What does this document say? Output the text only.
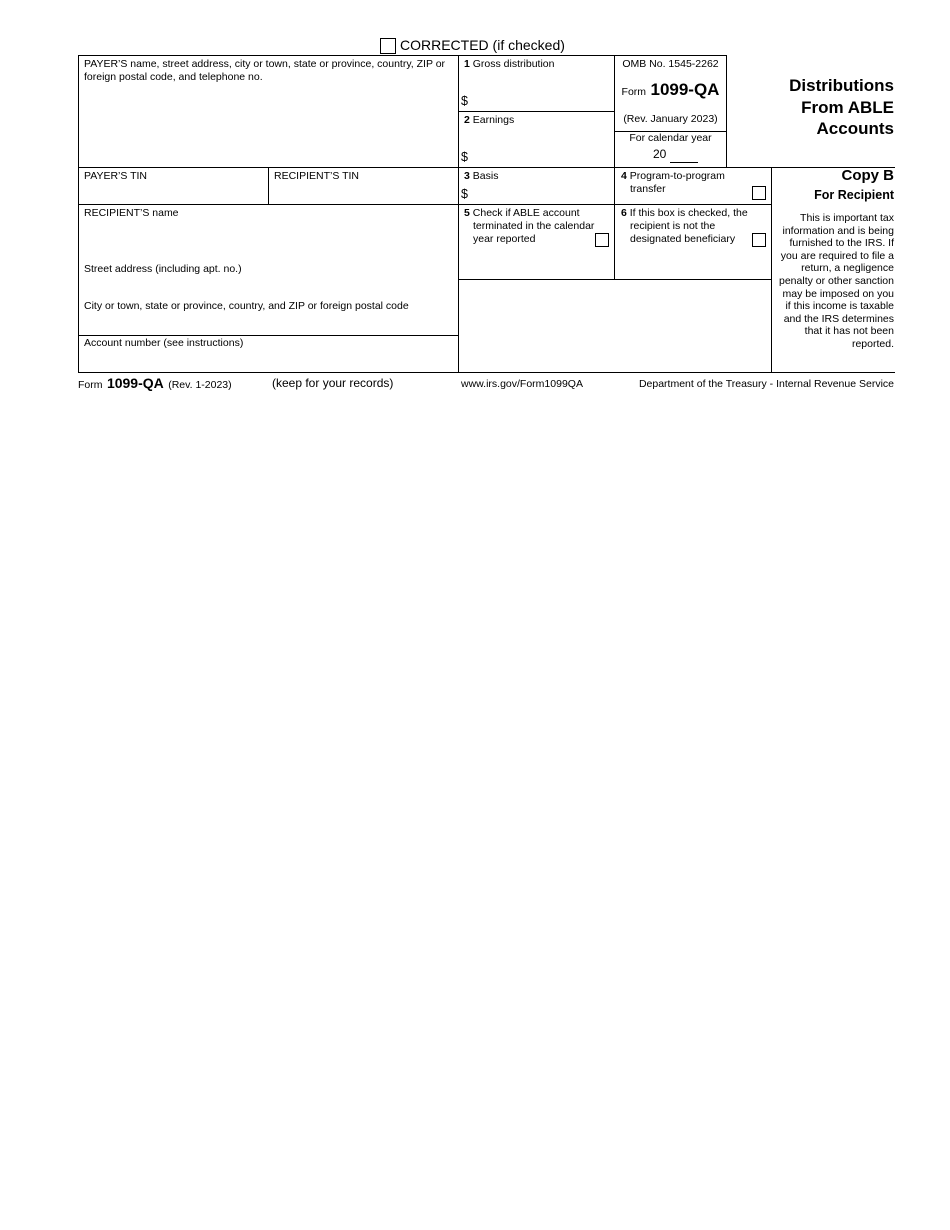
CORRECTED (if checked)
PAYER’S name, street address, city or town, state or province, country, ZIP or foreign postal code, and telephone no.
1 Gross distribution
$
2 Earnings
$
OMB No. 1545-2262
Form 1099-QA
(Rev. January 2023)
For calendar year
20
Distributions
From ABLE
Accounts
PAYER’S TIN	RECIPIENT’S TIN	3 Basis
$
4 Program-to-program
transfer
Copy B
For Recipient
This is important tax information and is being furnished to the IRS. If you are required to file a return, a negligence penalty or other sanction may be imposed on you if this income is taxable and the IRS determines that it has not been reported.
RECIPIENT’S name
Street address (including apt. no.)
City or town, state or province, country, and ZIP or foreign postal code
5 Check if ABLE account
terminated in the calendar
year reported
6 If this box is checked, the
recipient is not the
designated beneficiary
Account number (see instructions)
Form 1099-QA (Rev. 1-2023)	(keep for your records)	www.irs.gov/Form1099QA	Department of the Treasury - Internal Revenue Service
